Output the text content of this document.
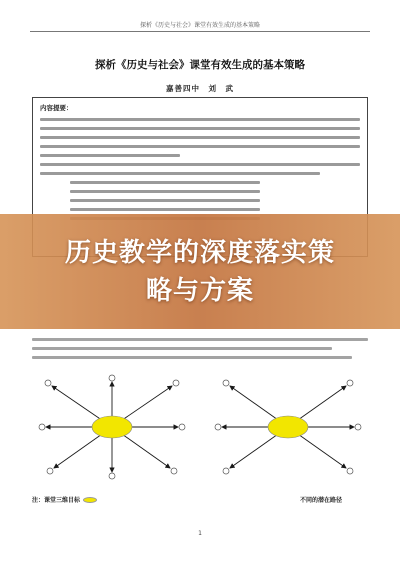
探析《历史与社会》课堂有效生成的基本策略
探析《历史与社会》课堂有效生成的基本策略
嘉善四中　刘　武
内容提要：
注：课堂三维目标	不同的潜在路径
1
历史教学的深度落实策
略与方案
